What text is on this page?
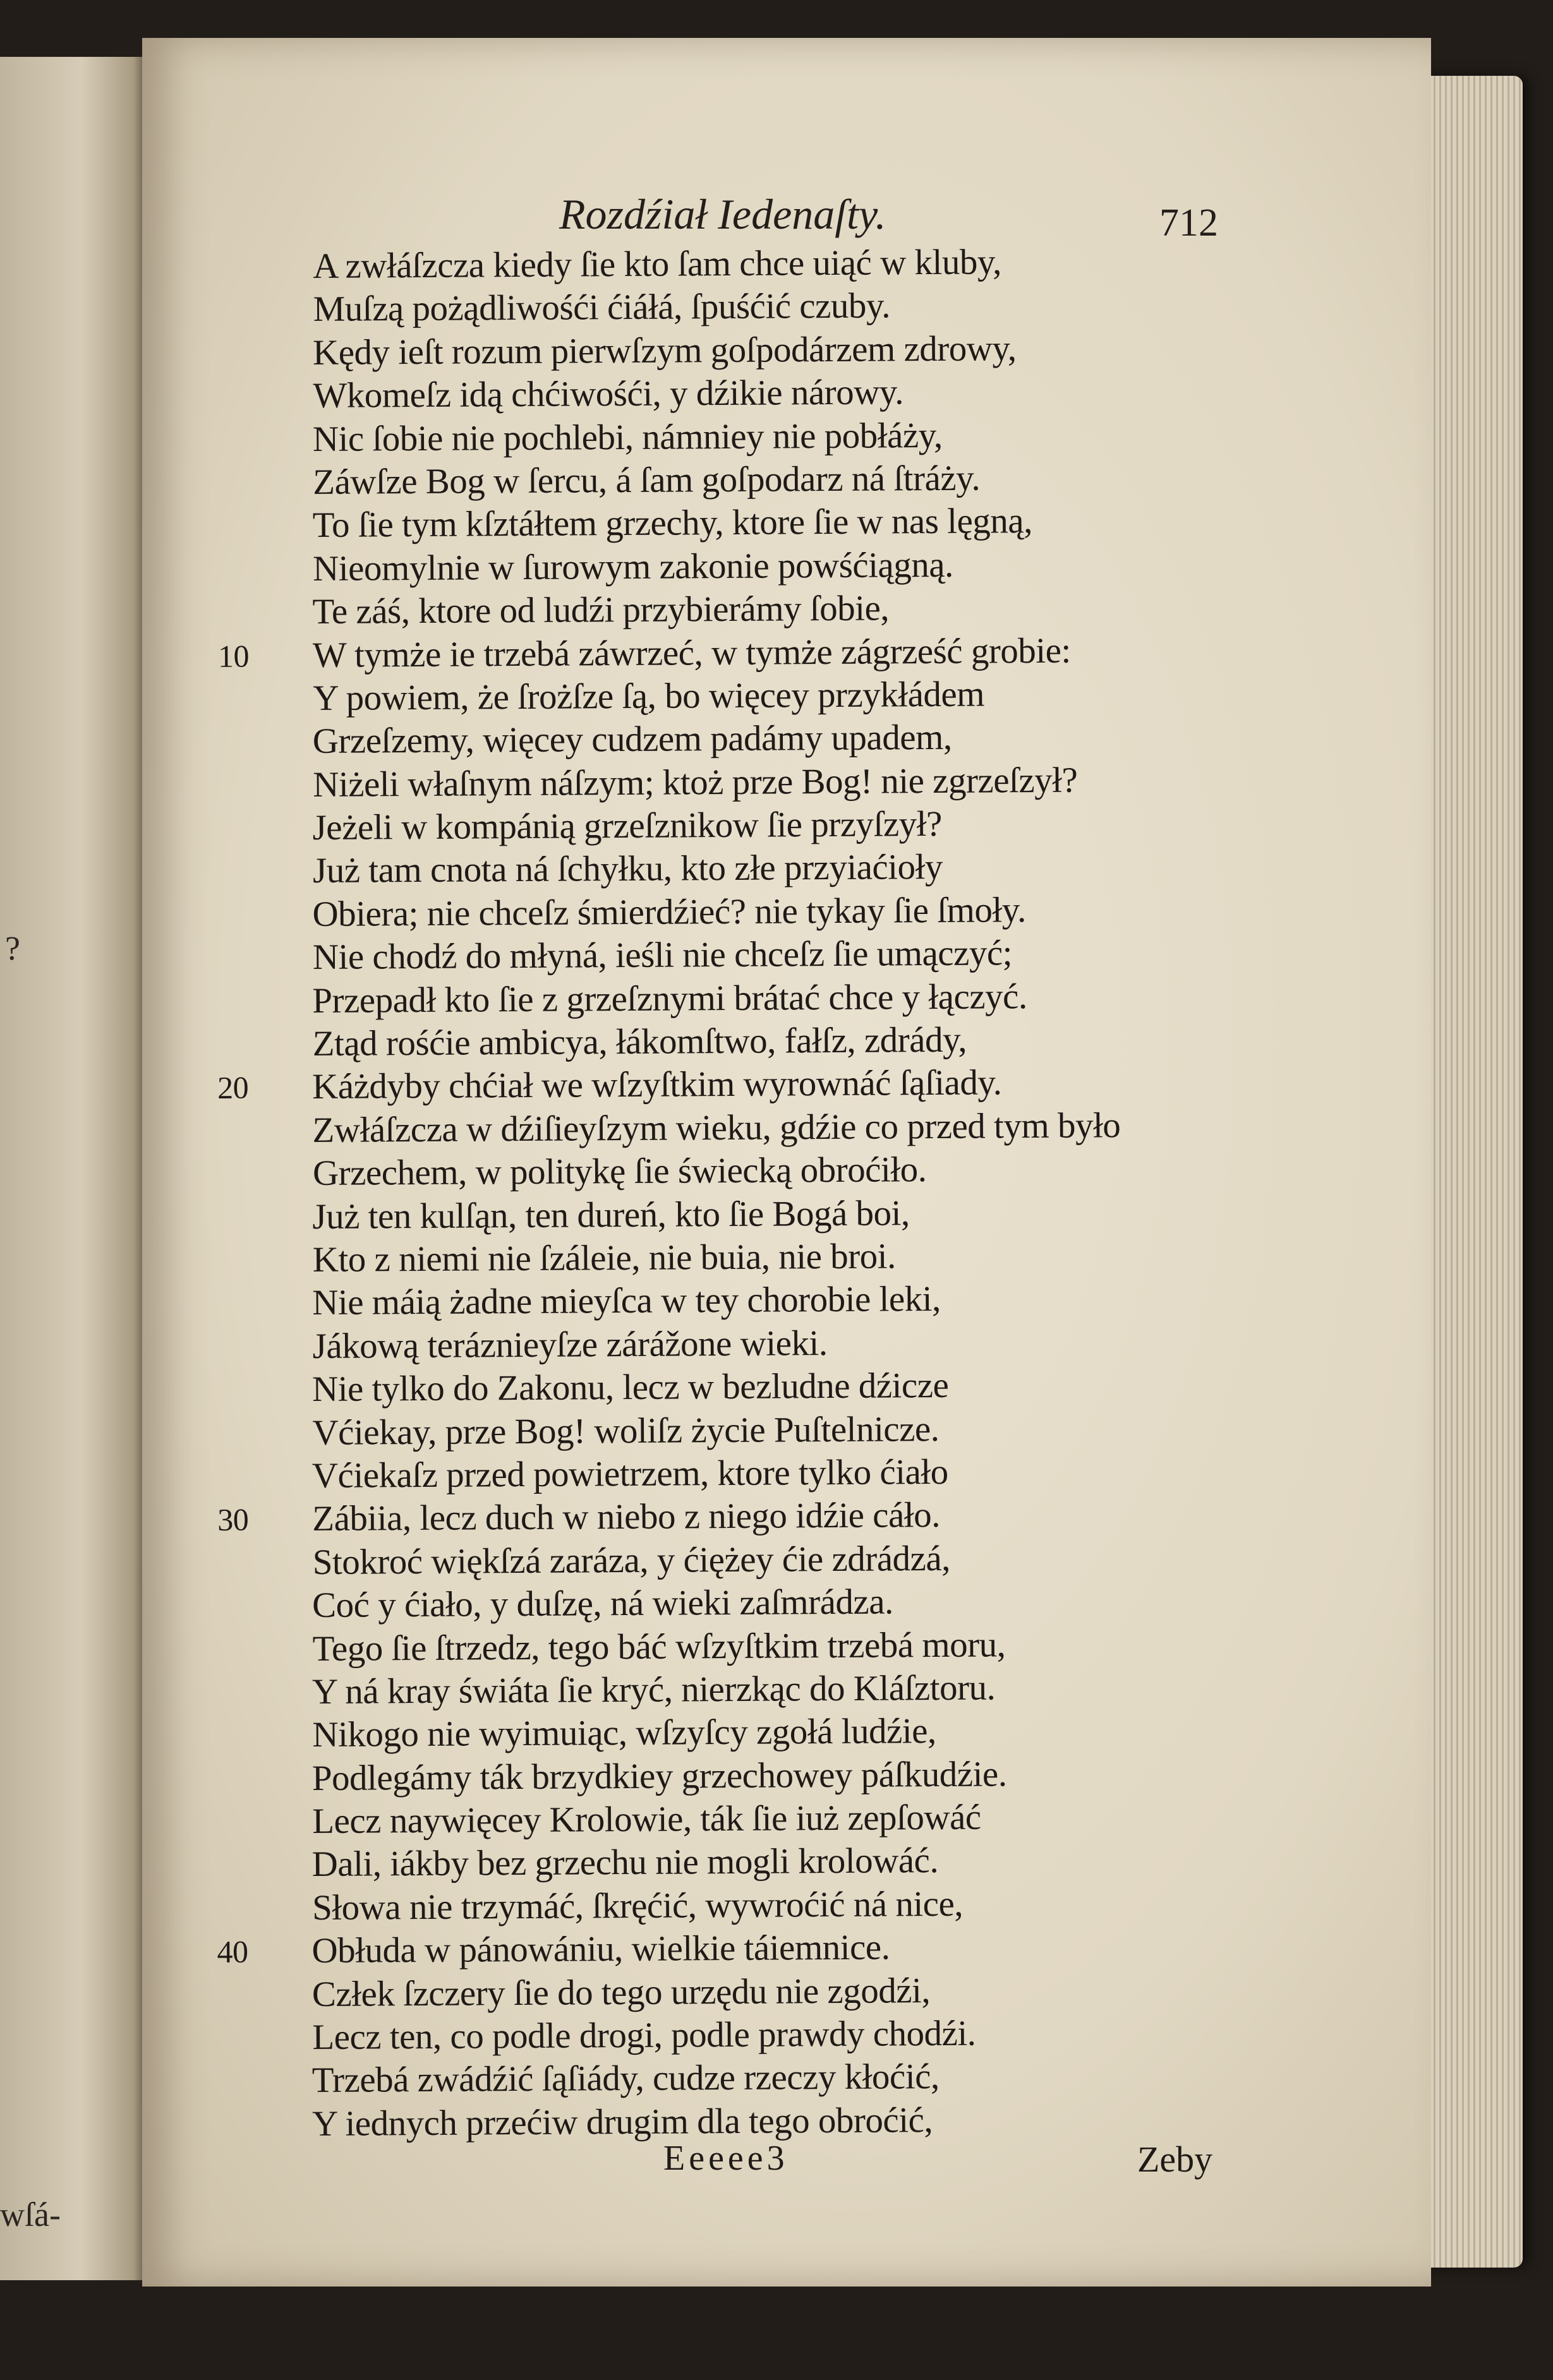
?
wſá-
Rozdźiał Iedenaſty.	712
A zwłáſzcza kiedy ſie kto ſam chce uiąć w kluby,
Muſzą pożądliwośći ćiáłá, ſpuśćić czuby.
Kędy ieſt rozum pierwſzym goſpodárzem zdrowy,
Wkomeſz idą chćiwośći, y dźikie nárowy.
Nic ſobie nie pochlebi, námniey nie pobłáży,
Záwſze Bog w ſercu, á ſam goſpodarz ná ſtráży.
To ſie tym kſztáłtem grzechy, ktore ſie w nas lęgną,
Nieomylnie w ſurowym zakonie powśćiągną.
Te záś, ktore od ludźi przybierámy ſobie,
10 W tymże ie trzebá záwrzeć, w tymże zágrześć grobie:
Y powiem, że ſrożſze ſą, bo więcey przykłádem
Grzeſzemy, więcey cudzem padámy upadem,
Niżeli właſnym náſzym; ktoż prze Bog! nie zgrzeſzył?
Jeżeli w kompánią grzeſznikow ſie przyſzył?
Już tam cnota ná ſchyłku, kto złe przyiaćioły
Obiera; nie chceſz śmierdźieć? nie tykay ſie ſmoły.
Nie chodź do młyná, ieśli nie chceſz ſie umączyć;
Przepadł kto ſie z grzeſznymi brátać chce y łączyć.
Ztąd rośćie ambicya, łákomſtwo, fałſz, zdrády,
20 Káżdyby chćiał we wſzyſtkim wyrownáć ſąſiady.
Zwłáſzcza w dźiſieyſzym wieku, gdźie co przed tym było
Grzechem, w politykę ſie świecką obroćiło.
Już ten kulſąn, ten dureń, kto ſie Bogá boi,
Kto z niemi nie ſzáleie, nie buia, nie broi.
Nie máią żadne mieyſca w tey chorobie leki,
Jákową teráznieyſze zárážone wieki.
Nie tylko do Zakonu, lecz w bezludne dźicze
Vćiekay, prze Bog! woliſz życie Puſtelnicze.
Vćiekaſz przed powietrzem, ktore tylko ćiało
30 Zábiia, lecz duch w niebo z niego idźie cáło.
Stokroć więkſzá zaráza, y ćiężey ćie zdrádzá,
Coć y ćiało, y duſzę, ná wieki zaſmrádza.
Tego ſie ſtrzedz, tego báć wſzyſtkim trzebá moru,
Y ná kray świáta ſie kryć, nierzkąc do Kláſztoru.
Nikogo nie wyimuiąc, wſzyſcy zgołá ludźie,
Podlegámy ták brzydkiey grzechowey páſkudźie.
Lecz naywięcey Krolowie, ták ſie iuż zepſowáć
Dali, iákby bez grzechu nie mogli krolowáć.
Słowa nie trzymáć, ſkręćić, wywroćić ná nice,
40 Obłuda w pánowániu, wielkie táiemnice.
Człek ſzczery ſie do tego urzędu nie zgodźi,
Lecz ten, co podle drogi, podle prawdy chodźi.
Trzebá zwádźić ſąſiády, cudze rzeczy kłoćić,
Y iednych przećiw drugim dla tego obroćić,
Eeeee3	Zeby
